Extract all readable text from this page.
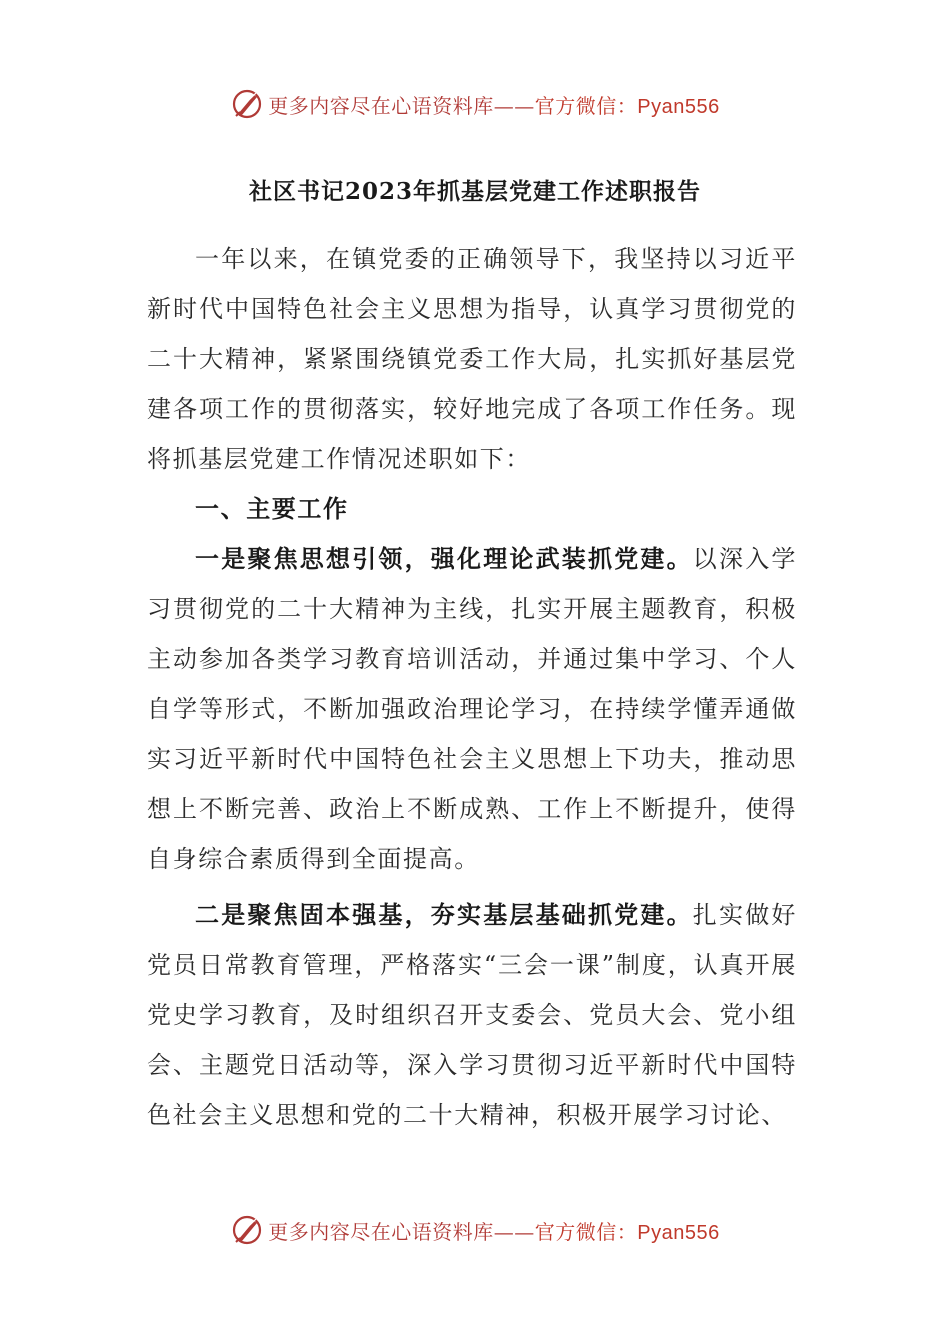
更多内容尽在心语资料库——官方微信：Pyan556
社区书记2023年抓基层党建工作述职报告

一年以来，在镇党委的正确领导下，我坚持以习近平新时代中国特色社会主义思想为指导，认真学习贯彻党的二十大精神，紧紧围绕镇党委工作大局，扎实抓好基层党建各项工作的贯彻落实，较好地完成了各项工作任务。现将抓基层党建工作情况述职如下：

一、主要工作

一是聚焦思想引领，强化理论武装抓党建。以深入学习贯彻党的二十大精神为主线，扎实开展主题教育，积极主动参加各类学习教育培训活动，并通过集中学习、个人自学等形式，不断加强政治理论学习，在持续学懂弄通做实习近平新时代中国特色社会主义思想上下功夫，推动思想上不断完善、政治上不断成熟、工作上不断提升，使得自身综合素质得到全面提高。

二是聚焦固本强基，夯实基层基础抓党建。扎实做好党员日常教育管理，严格落实“三会一课”制度，认真开展党史学习教育，及时组织召开支委会、党员大会、党小组会、主题党日活动等，深入学习贯彻习近平新时代中国特色社会主义思想和党的二十大精神，积极开展学习讨论、

更多内容尽在心语资料库——官方微信：Pyan556
